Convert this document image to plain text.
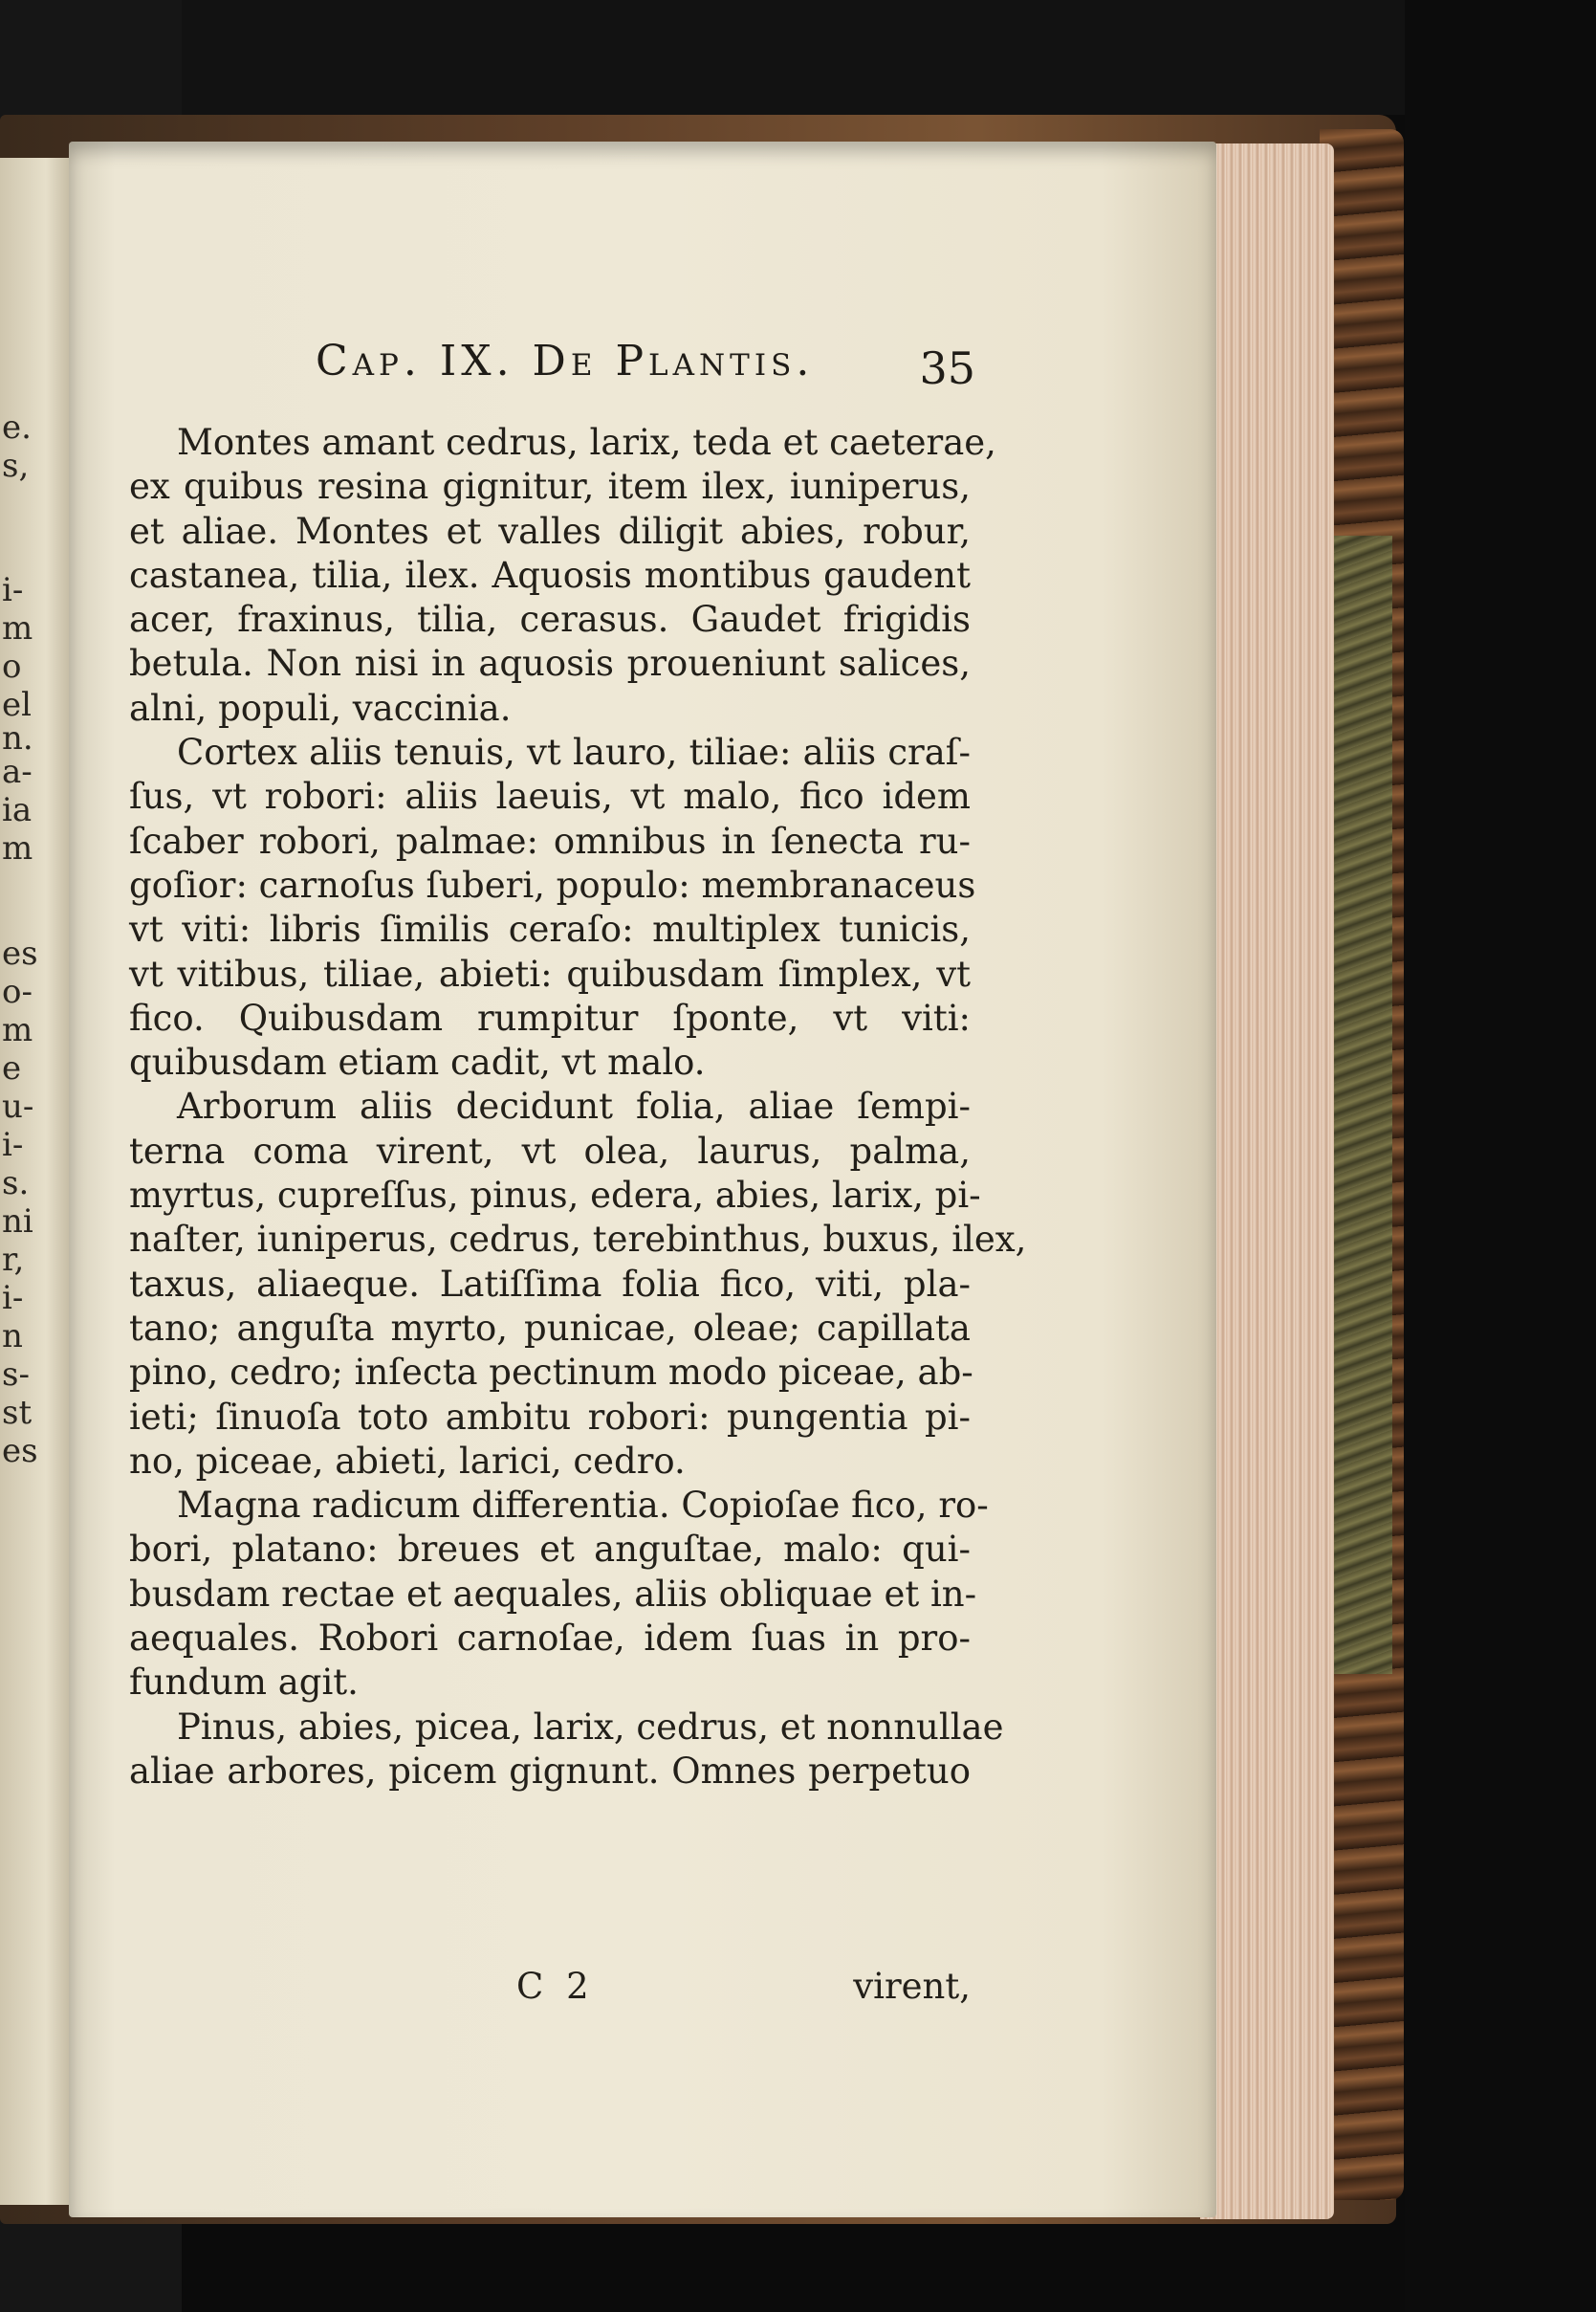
e.
s,
i-
m
o
el
n.
a-
ia
m
es
o-
m
e
u-
i-
s.
ni
r,
i-
n
s-
st
es
Cap. IX. De Plantis. 35
Montes amant cedrus, larix, teda et caeterae,
ex quibus resina gignitur, item ilex, iuniperus,
et aliae. Montes et valles diligit abies, robur,
castanea, tilia, ilex. Aquosis montibus gaudent
acer, fraxinus, tilia, cerasus. Gaudet frigidis
betula. Non nisi in aquosis proueniunt salices,
alni, populi, vaccinia.
Cortex aliis tenuis, vt lauro, tiliae: aliis craſ-
ſus, vt robori: aliis laeuis, vt malo, fico idem
ſcaber robori, palmae: omnibus in ſenecta ru-
goſior: carnoſus ſuberi, populo: membranaceus
vt viti: libris ſimilis ceraſo: multiplex tunicis,
vt vitibus, tiliae, abieti: quibusdam ſimplex, vt
fico. Quibusdam rumpitur ſponte, vt viti:
quibusdam etiam cadit, vt malo.
Arborum aliis decidunt folia, aliae ſempi-
terna coma virent, vt olea, laurus, palma,
myrtus, cupreſſus, pinus, edera, abies, larix, pi-
naſter, iuniperus, cedrus, terebinthus, buxus, ilex,
taxus, aliaeque. Latiſſima folia fico, viti, pla-
tano; anguſta myrto, punicae, oleae; capillata
pino, cedro; inſecta pectinum modo piceae, ab-
ieti; ſinuoſa toto ambitu robori: pungentia pi-
no, piceae, abieti, larici, cedro.
Magna radicum differentia. Copioſae fico, ro-
bori, platano: breues et anguſtae, malo: qui-
busdam rectae et aequales, aliis obliquae et in-
aequales. Robori carnoſae, idem ſuas in pro-
fundum agit.
Pinus, abies, picea, larix, cedrus, et nonnullae
aliae arbores, picem gignunt. Omnes perpetuo
C 2	virent,
